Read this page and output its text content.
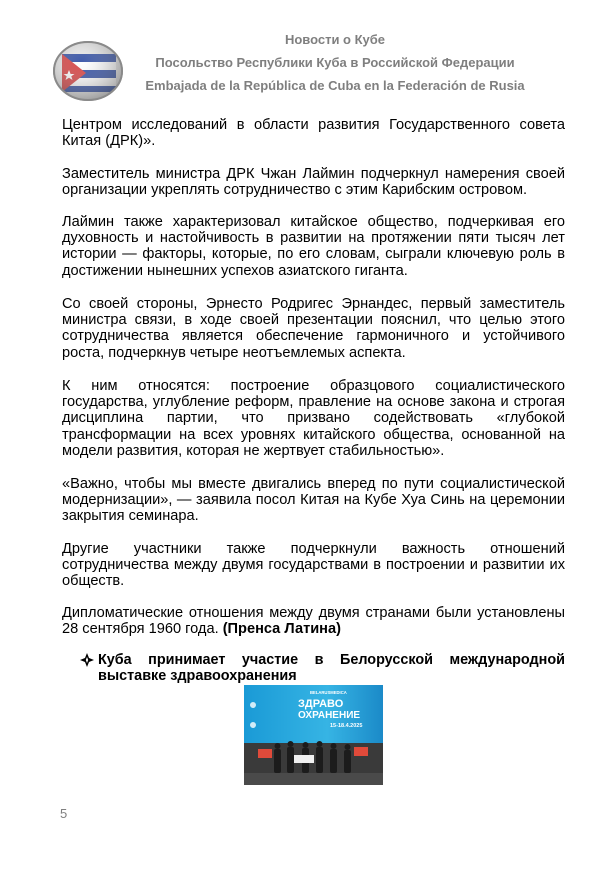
Новости о Кубе
Посольство Республики Куба в Российской Федерации
Embajada de la República de Cuba en la Federación de Rusia

Центром исследований в области развития Государственного совета Китая (ДРК)».

Заместитель министра ДРК Чжан Лаймин подчеркнул намерения своей организации укреплять сотрудничество с этим Карибским островом.

Лаймин также характеризовал китайское общество, подчеркивая его духовность и настойчивость в развитии на протяжении пяти тысяч лет истории — факторы, которые, по его словам, сыграли ключевую роль в достижении нынешних успехов азиатского гиганта.

Со своей стороны, Эрнесто Родригес Эрнандес, первый заместитель министра связи, в ходе своей презентации пояснил, что целью этого сотрудничества является обеспечение гармоничного и устойчивого роста, подчеркнув четыре неотъемлемых аспекта.

К ним относятся: построение образцового социалистического государства, углубление реформ, правление на основе закона и строгая дисциплина партии, что призвано содействовать «глубокой трансформации на всех уровнях китайского общества, основанной на модели развития, которая не жертвует стабильностью».

«Важно, чтобы мы вместе двигались вперед по пути социалистической модернизации», — заявила посол Китая на Кубе Хуа Синь на церемонии закрытия семинара.

Другие участники также подчеркнули важность отношений сотрудничества между двумя государствами в построении и развитии их обществ.

Дипломатические отношения между двумя странами были установлены 28 сентября 1960 года. (Пренса Латина)

Куба принимает участие в Белорусской международной выставке здравоохранения
BELARUSMEDICA
ЗДРАВО
ОХРАНЕНИЕ
15-18.4.2025
5
